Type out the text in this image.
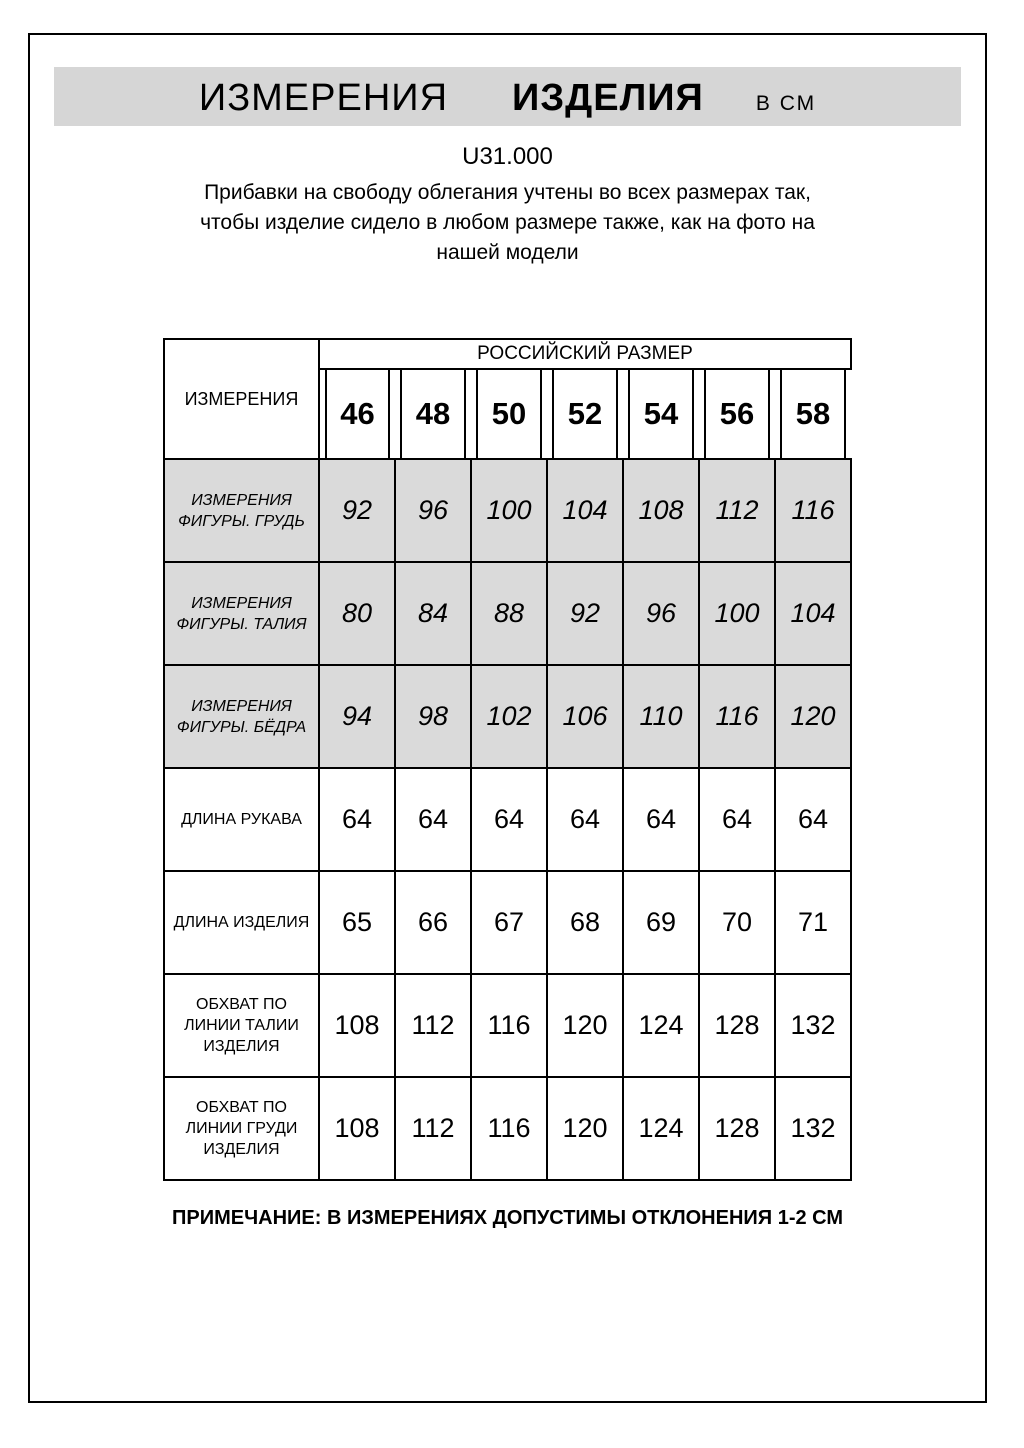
ИЗМЕРЕНИЯ ИЗДЕЛИЯ В СМ
U31.000
Прибавки на свободу облегания учтены во всех размерах так,
чтобы изделие сидело в любом размере также, как на фото на
нашей модели
ИЗМЕРЕНИЯ	РОССИЙСКИЙ РАЗМЕР						

	46	48	50	52	54	56	58

ИЗМЕРЕНИЯ
ФИГУРЫ. ГРУДЬ	92	96	100	104	108	112	116

ИЗМЕРЕНИЯ
ФИГУРЫ. ТАЛИЯ	80	84	88	92	96	100	104

ИЗМЕРЕНИЯ
ФИГУРЫ. БЁДРА	94	98	102	106	110	116	120

ДЛИНА РУКАВА	64	64	64	64	64	64	64

ДЛИНА ИЗДЕЛИЯ	65	66	67	68	69	70	71

ОБХВАТ ПО
ЛИНИИ ТАЛИИ
ИЗДЕЛИЯ	108	112	116	120	124	128	132

ОБХВАТ ПО
ЛИНИИ ГРУДИ
ИЗДЕЛИЯ	108	112	116	120	124	128	132
ПРИМЕЧАНИЕ: В ИЗМЕРЕНИЯХ ДОПУСТИМЫ ОТКЛОНЕНИЯ 1-2 СМ
